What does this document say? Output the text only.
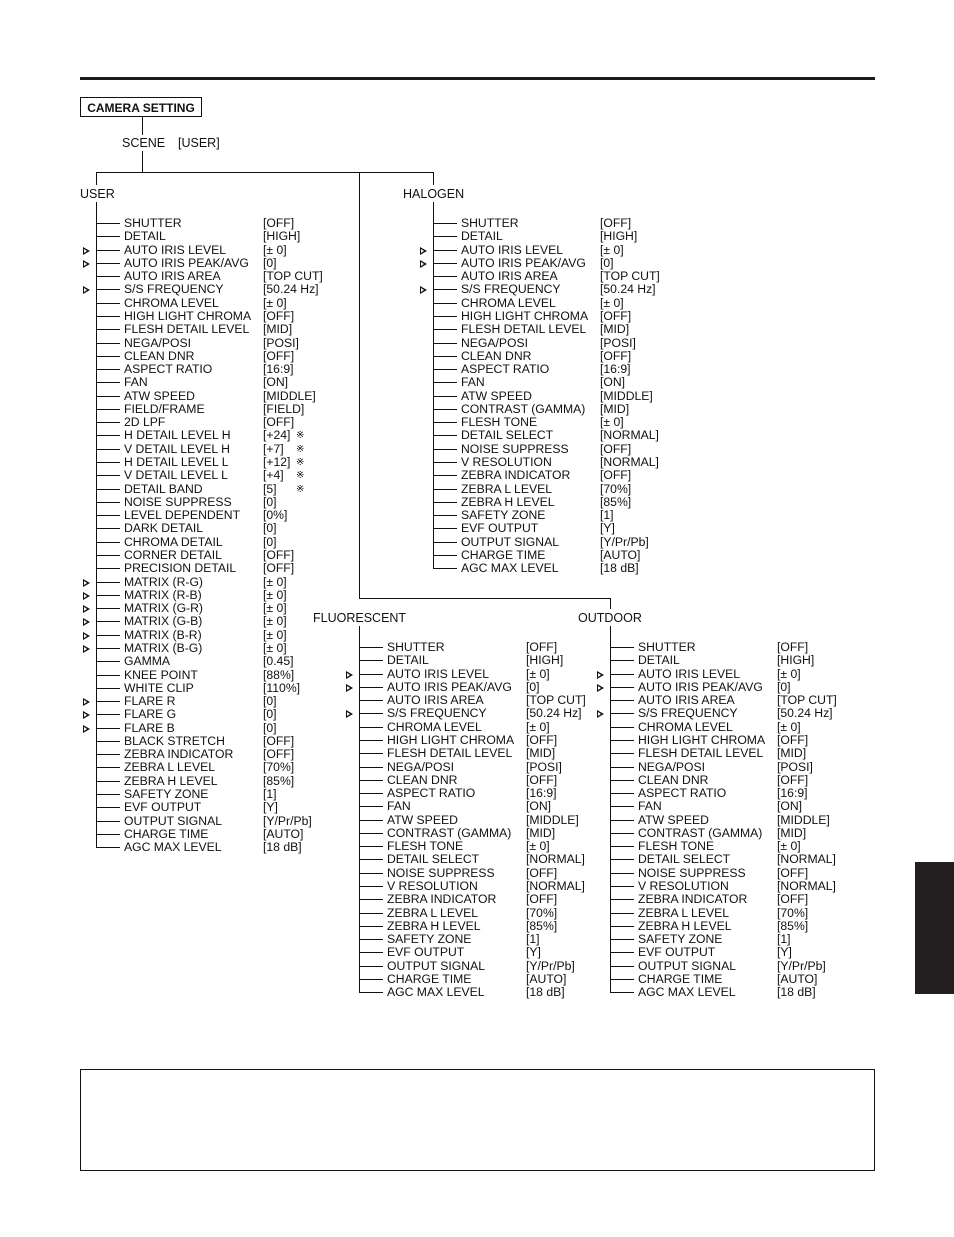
CAMERA SETTING
SCENE [USER]
USER	HALOGEN
FLUORESCENT	OUTDOOR
SHUTTER	[OFF]
DETAIL	[HIGH]
AUTO IRIS LEVEL	[± 0]
AUTO IRIS PEAK/AVG [0]
AUTO IRIS AREA	[TOP CUT]
S/S FREQUENCY	[50.24 Hz]
CHROMA LEVEL	[± 0]
HIGH LIGHT CHROMA [OFF]
FLESH DETAIL LEVEL [MID]
NEGA/POSI	[POSI]
CLEAN DNR	[OFF]
ASPECT RATIO	[16:9]
FAN	[ON]
ATW SPEED	[MIDDLE]
FIELD/FRAME	[FIELD]
2D LPF	[OFF]
H DETAIL LEVEL H	[+24] ※
V DETAIL LEVEL H	[+7] ※
H DETAIL LEVEL L	[+12] ※
V DETAIL LEVEL L	[+4] ※
DETAIL BAND	[5] ※
NOISE SUPPRESS	[0]
LEVEL DEPENDENT [0%]
DARK DETAIL	[0]
CHROMA DETAIL	[0]
CORNER DETAIL	[OFF]
PRECISION DETAIL [OFF]
MATRIX (R-G)	[± 0]
MATRIX (R-B)	[± 0]
MATRIX (G-R)	[± 0]
MATRIX (G-B)	[± 0]
MATRIX (B-R)	[± 0]
MATRIX (B-G)	[± 0]
GAMMA	[0.45]
KNEE POINT	[88%]
WHITE CLIP	[110%]
FLARE R	[0]
FLARE G	[0]
FLARE B	[0]
BLACK STRETCH	[OFF]
ZEBRA INDICATOR [OFF]
ZEBRA L LEVEL	[70%]
ZEBRA H LEVEL	[85%]
SAFETY ZONE	[1]
EVF OUTPUT	[Y]
OUTPUT SIGNAL	[Y/Pr/Pb]
CHARGE TIME	[AUTO]
AGC MAX LEVEL	[18 dB]
SHUTTER	[OFF]
DETAIL	[HIGH]
AUTO IRIS LEVEL	[± 0]
AUTO IRIS PEAK/AVG [0]
AUTO IRIS AREA	[TOP CUT]
S/S FREQUENCY	[50.24 Hz]
CHROMA LEVEL	[± 0]
HIGH LIGHT CHROMA [OFF]
FLESH DETAIL LEVEL [MID]
NEGA/POSI	[POSI]
CLEAN DNR	[OFF]
ASPECT RATIO	[16:9]
FAN	[ON]
ATW SPEED	[MIDDLE]
CONTRAST (GAMMA) [MID]
FLESH TONE	[± 0]
DETAIL SELECT	[NORMAL]
NOISE SUPPRESS	[OFF]
V RESOLUTION	[NORMAL]
ZEBRA INDICATOR [OFF]
ZEBRA L LEVEL	[70%]
ZEBRA H LEVEL	[85%]
SAFETY ZONE	[1]
EVF OUTPUT	[Y]
OUTPUT SIGNAL	[Y/Pr/Pb]
CHARGE TIME	[AUTO]
AGC MAX LEVEL	[18 dB]
SHUTTER	[OFF]
DETAIL	[HIGH]
AUTO IRIS LEVEL	[± 0]
AUTO IRIS PEAK/AVG [0]
AUTO IRIS AREA	[TOP CUT]
S/S FREQUENCY	[50.24 Hz]
CHROMA LEVEL	[± 0]
HIGH LIGHT CHROMA [OFF]
FLESH DETAIL LEVEL [MID]
NEGA/POSI	[POSI]
CLEAN DNR	[OFF]
ASPECT RATIO	[16:9]
FAN	[ON]
ATW SPEED	[MIDDLE]
CONTRAST (GAMMA) [MID]
FLESH TONE	[± 0]
DETAIL SELECT	[NORMAL]
NOISE SUPPRESS	[OFF]
V RESOLUTION	[NORMAL]
ZEBRA INDICATOR [OFF]
ZEBRA L LEVEL	[70%]
ZEBRA H LEVEL	[85%]
SAFETY ZONE	[1]
EVF OUTPUT	[Y]
OUTPUT SIGNAL	[Y/Pr/Pb]
CHARGE TIME	[AUTO]
AGC MAX LEVEL	[18 dB]
SHUTTER	[OFF]
DETAIL	[HIGH]
AUTO IRIS LEVEL	[± 0]
AUTO IRIS PEAK/AVG [0]
AUTO IRIS AREA	[TOP CUT]
S/S FREQUENCY	[50.24 Hz]
CHROMA LEVEL	[± 0]
HIGH LIGHT CHROMA [OFF]
FLESH DETAIL LEVEL [MID]
NEGA/POSI	[POSI]
CLEAN DNR	[OFF]
ASPECT RATIO	[16:9]
FAN	[ON]
ATW SPEED	[MIDDLE]
CONTRAST (GAMMA) [MID]
FLESH TONE	[± 0]
DETAIL SELECT	[NORMAL]
NOISE SUPPRESS	[OFF]
V RESOLUTION	[NORMAL]
ZEBRA INDICATOR [OFF]
ZEBRA L LEVEL	[70%]
ZEBRA H LEVEL	[85%]
SAFETY ZONE	[1]
EVF OUTPUT	[Y]
OUTPUT SIGNAL	[Y/Pr/Pb]
CHARGE TIME	[AUTO]
AGC MAX LEVEL	[18 dB]
